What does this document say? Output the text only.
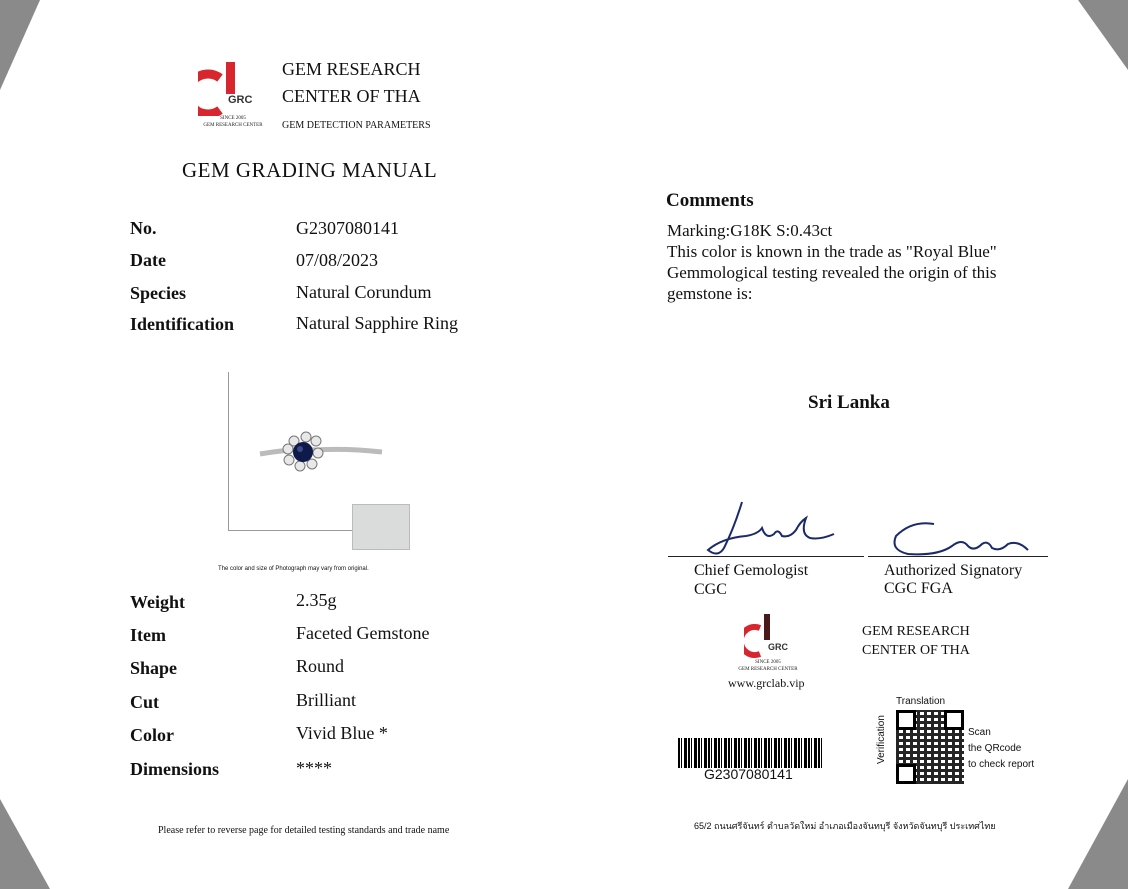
GRC
SINCE 2005
GEM RESEARCH CENTER
GEM RESEARCH
CENTER OF THA
GEM DETECTION PARAMETERS
GEM GRADING MANUAL
No.	G2307080141
Date	07/08/2023
Species	Natural Corundum
Identification	Natural Sapphire Ring
The color and size of Photograph may vary from original.
Weight	2.35g
Item	Faceted Gemstone
Shape	Round
Cut	Brilliant
Color	Vivid Blue *
Dimensions	****
Please refer to reverse page for detailed testing standards and trade name
Comments
Marking:G18K S:0.43ct
This color is known in the trade as "Royal Blue"
Gemmological testing revealed the origin of this
gemstone is:
Sri Lanka
Chief Gemologist
CGC
Authorized Signatory
CGC FGA
GRC
SINCE 2005
GEM RESEARCH CENTER
www.grclab.vip
GEM RESEARCH
CENTER OF THA
G2307080141
Translation
Verification	Scan
the QRcode
to check report
65/2 ถนนศรีจันทร์ ตำบลวัดใหม่ อำเภอเมืองจันทบุรี จังหวัดจันทบุรี ประเทศไทย
